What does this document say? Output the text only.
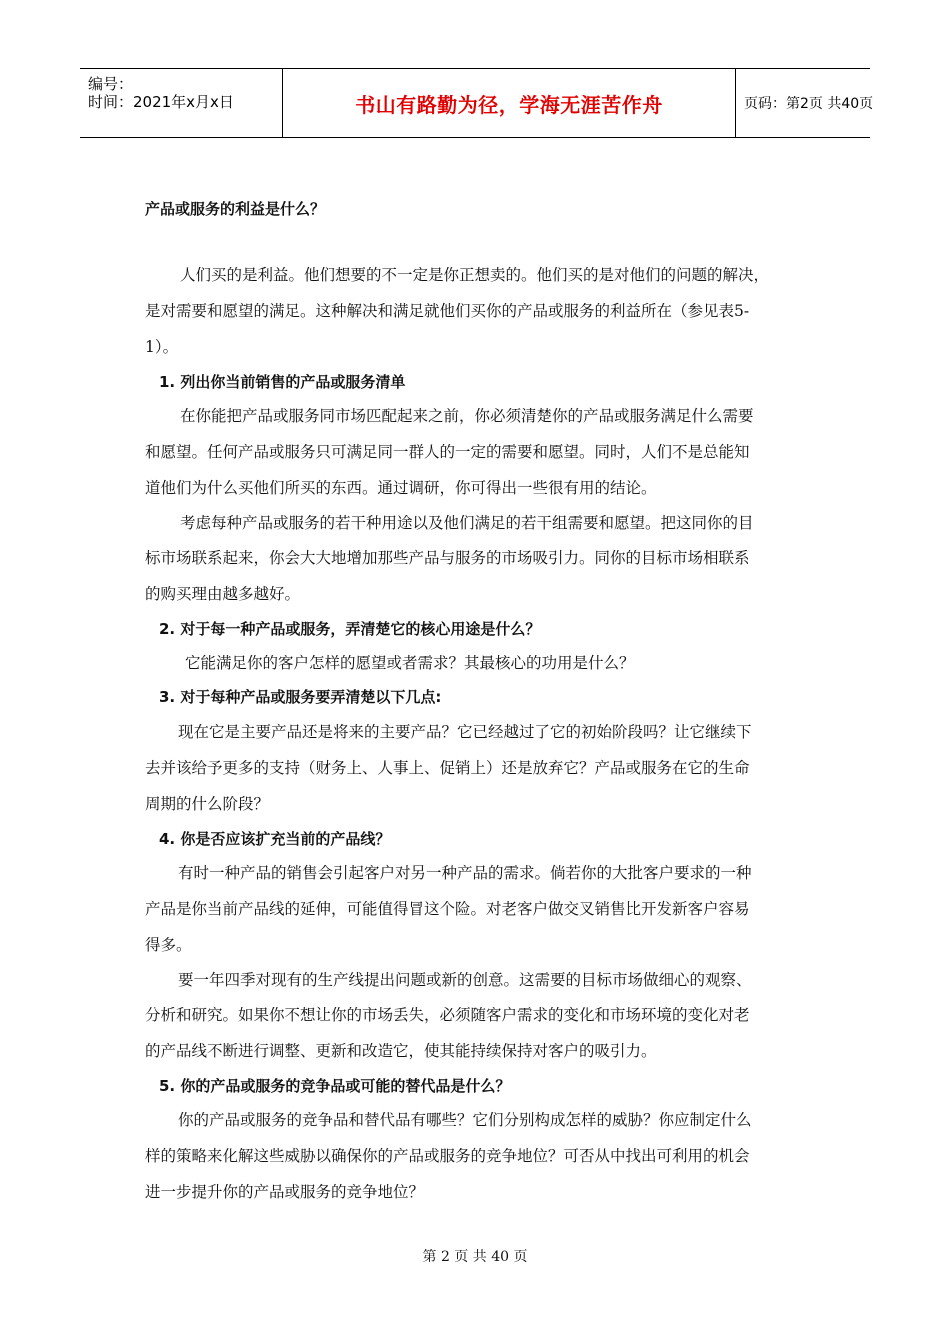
编号：
时间：2021年x月x日	书山有路勤为径，学海无涯苦作舟	页码：第2页 共40页
产品或服务的利益是什么？
人们买的是利益。他们想要的不一定是你正想卖的。他们买的是对他们的问题的解决，
是对需要和愿望的满足。这种解决和满足就他们买你的产品或服务的利益所在（参见表5-
1）。
1. 列出你当前销售的产品或服务清单
在你能把产品或服务同市场匹配起来之前，你必须清楚你的产品或服务满足什么需要
和愿望。任何产品或服务只可满足同一群人的一定的需要和愿望。同时，人们不是总能知
道他们为什么买他们所买的东西。通过调研，你可得出一些很有用的结论。
考虑每种产品或服务的若干种用途以及他们满足的若干组需要和愿望。把这同你的目
标市场联系起来，你会大大地增加那些产品与服务的市场吸引力。同你的目标市场相联系
的购买理由越多越好。
2. 对于每一种产品或服务，弄清楚它的核心用途是什么？
它能满足你的客户怎样的愿望或者需求？其最核心的功用是什么？
3. 对于每种产品或服务要弄清楚以下几点:
现在它是主要产品还是将来的主要产品？它已经越过了它的初始阶段吗？让它继续下
去并该给予更多的支持（财务上、人事上、促销上）还是放弃它？产品或服务在它的生命
周期的什么阶段？
4. 你是否应该扩充当前的产品线？
有时一种产品的销售会引起客户对另一种产品的需求。倘若你的大批客户要求的一种
产品是你当前产品线的延伸，可能值得冒这个险。对老客户做交叉销售比开发新客户容易
得多。
要一年四季对现有的生产线提出问题或新的创意。这需要的目标市场做细心的观察、
分析和研究。如果你不想让你的市场丢失，必须随客户需求的变化和市场环境的变化对老
的产品线不断进行调整、更新和改造它，使其能持续保持对客户的吸引力。
5. 你的产品或服务的竞争品或可能的替代品是什么？
你的产品或服务的竞争品和替代品有哪些？它们分别构成怎样的威胁？你应制定什么
样的策略来化解这些威胁以确保你的产品或服务的竞争地位？可否从中找出可利用的机会
进一步提升你的产品或服务的竞争地位？
第 2 页 共 40 页
